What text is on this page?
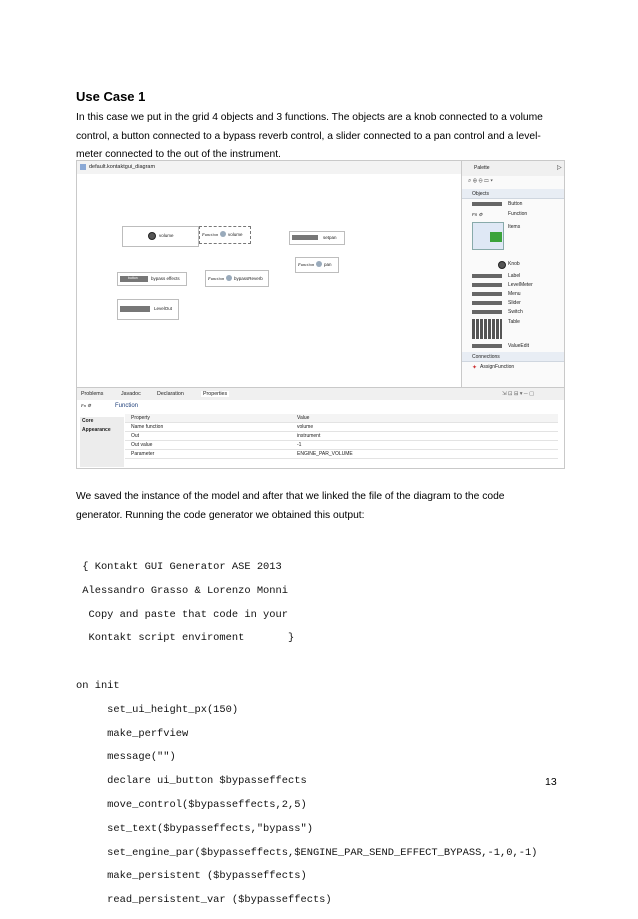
Use Case 1
In this case we put in the grid 4 objects and 3 functions. The objects are a knob connected to a volume
control, a button connected to a bypass reverb control, a slider connected to a pan control and a level-
meter connected to the out of the instrument.
default.kontaktgui_diagram
volume	Function volume
setpan
Function pan
button	bypass effects	Function bypassReverb
LevelOut
Palette	▷
⌕ ⊕ ⊖ ▭ ▾
Objects
Button
Fn ⚙	Function
Items
Knob
Label
LevelMeter
Menu
Slider
Switch
Table
ValueEdit
Connections
✦ AssignFunction
Problems	Javadoc	Declaration	Properties	⇲ ⊡ ⊟ ▾ ─ ▢
Fn ⚙	Function
Core
Appearance
Property	Value
Name function	volume
Out	instrument
Out value	-1
Parameter	ENGINE_PAR_VOLUME
We saved the instance of the model and after that we linked the file of the diagram to the code
generator. Running the code generator we obtained this output:

{ Kontakt GUI Generator ASE 2013

Alessandro Grasso & Lorenzo Monni

Copy and paste that code in your

Kontakt script enviroment       }

on init

set_ui_height_px(150)

make_perfview

message("")

declare ui_button $bypasseffects

move_control($bypasseffects,2,5)

set_text($bypasseffects,"bypass")

set_engine_par($bypasseffects,$ENGINE_PAR_SEND_EFFECT_BYPASS,-1,0,-1)

make_persistent ($bypasseffects)

read_persistent_var ($bypasseffects)

13
